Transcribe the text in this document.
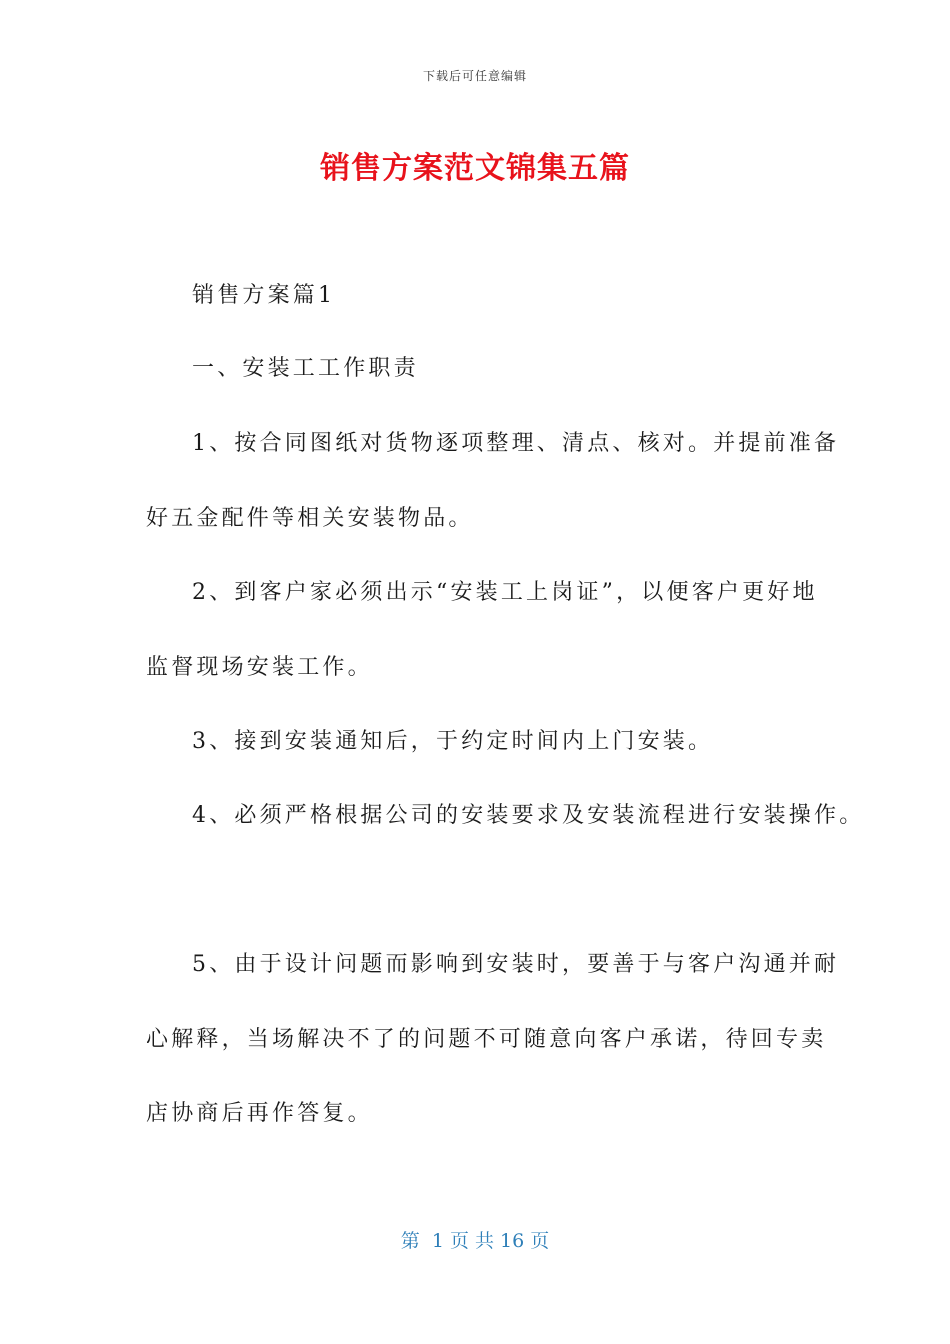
下载后可任意编辑
销售方案范文锦集五篇
销售方案篇1
一、安装工工作职责
1、按合同图纸对货物逐项整理、清点、核对。并提前准备
好五金配件等相关安装物品。
2、到客户家必须出示“安装工上岗证”，以便客户更好地
监督现场安装工作。
3、接到安装通知后，于约定时间内上门安装。
4、必须严格根据公司的安装要求及安装流程进行安装操作。
5、由于设计问题而影响到安装时，要善于与客户沟通并耐
心解释，当场解决不了的问题不可随意向客户承诺，待回专卖
店协商后再作答复。
第  1 页 共 16 页
